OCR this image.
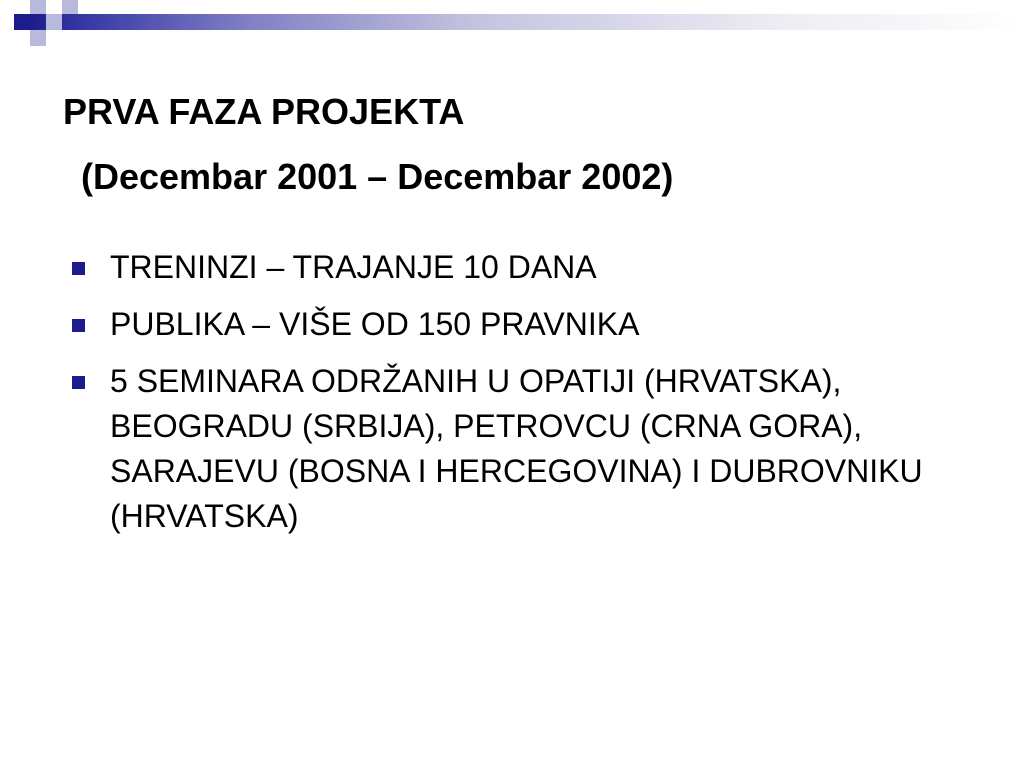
PRVA FAZA PROJEKTA
(Decembar 2001 – Decembar 2002)
TRENINZI – TRAJANJE 10 DANA
PUBLIKA – VIŠE OD 150 PRAVNIKA
5 SEMINARA ODRŽANIH U OPATIJI (HRVATSKA), BEOGRADU (SRBIJA), PETROVCU (CRNA GORA), SARAJEVU (BOSNA I HERCEGOVINA) I DUBROVNIKU (HRVATSKA)
